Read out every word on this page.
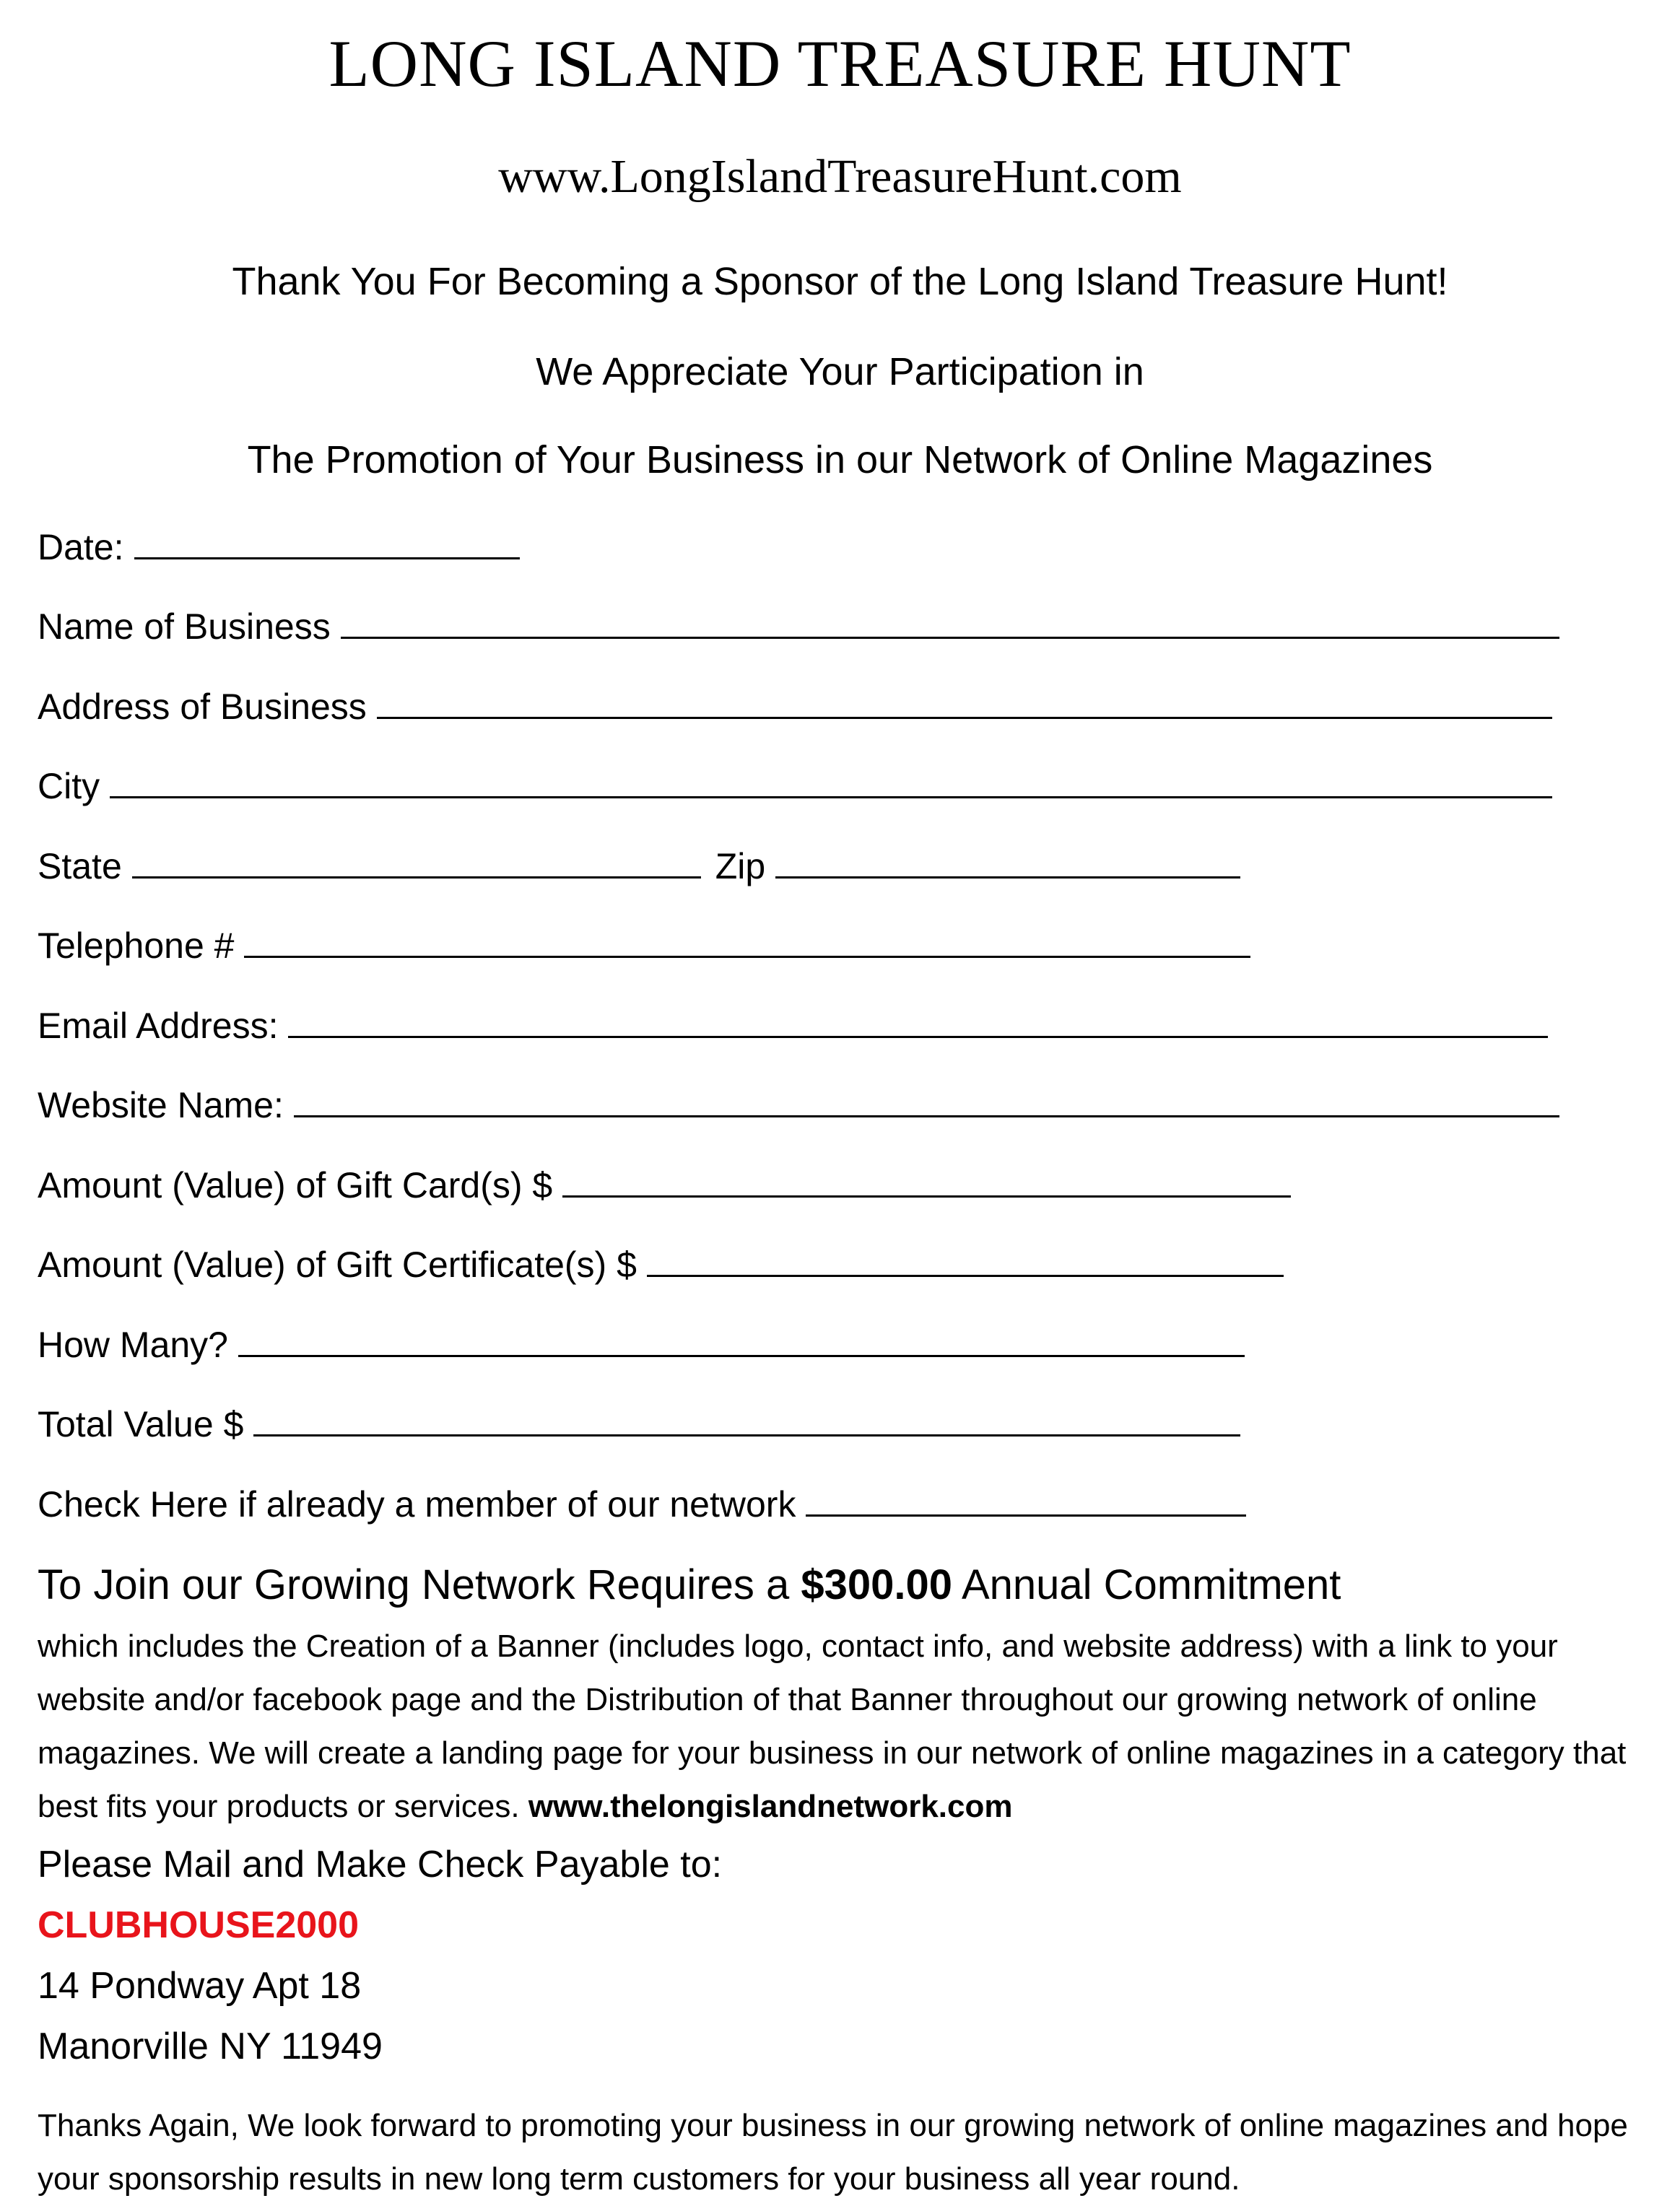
LONG ISLAND TREASURE HUNT
www.LongIslandTreasureHunt.com
Thank You For Becoming a Sponsor of the Long Island Treasure Hunt!
We Appreciate Your Participation in
The Promotion of Your Business in our Network of Online Magazines
Date:
Name of Business
Address of Business
City
State	Zip
Telephone #
Email Address:
Website Name:
Amount (Value) of Gift Card(s) $
Amount (Value) of Gift Certificate(s) $
How Many?
Total Value $
Check Here if already a member of our network
To Join our Growing Network Requires a $300.00 Annual Commitment
which includes the Creation of a Banner (includes logo, contact info, and website address) with a link to your website and/or facebook page and the Distribution of that Banner throughout our growing network of online magazines. We will create a landing page for your business in our network of online magazines in a category that best fits your products or services. www.thelongislandnetwork.com
Please Mail and Make Check Payable to:
CLUBHOUSE2000
14 Pondway Apt 18
Manorville NY 11949
Thanks Again, We look forward to promoting your business in our growing network of online magazines and hope your sponsorship results in new long term customers for your business all year round.
